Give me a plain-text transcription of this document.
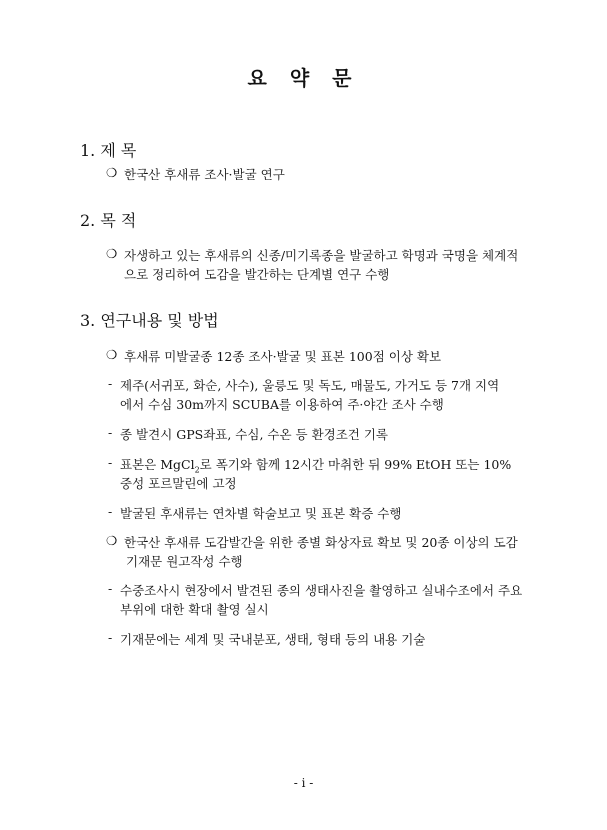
요 약 문
1. 제 목
❍ 한국산 후새류 조사·발굴 연구
2. 목 적
❍ 자생하고 있는 후새류의 신종/미기록종을 발굴하고 학명과 국명을 체계적
으로 정리하여 도감을 발간하는 단계별 연구 수행
3. 연구내용 및 방법
❍ 후새류 미발굴종 12종 조사·발굴 및 표본 100점 이상 확보
- 제주(서귀포, 화순, 사수), 울릉도 및 독도, 매물도, 가거도 등 7개 지역
에서 수심 30m까지 SCUBA를 이용하여 주·야간 조사 수행
- 종 발견시 GPS좌표, 수심, 수온 등 환경조건 기록
- 표본은 MgCl$_2$로 폭기와 함께 12시간 마취한 뒤 99% EtOH 또는 10%
중성 포르말린에 고정
- 발굴된 후새류는 연차별 학술보고 및 표본 확증 수행
❍ 한국산 후새류 도감발간을 위한 종별 화상자료 확보 및 20종 이상의 도감
기재문 원고작성 수행
- 수중조사시 현장에서 발견된 종의 생태사진을 촬영하고 실내수조에서 주요
부위에 대한 확대 촬영 실시
- 기재문에는 세계 및 국내분포, 생태, 형태 등의 내용 기술
- i -
